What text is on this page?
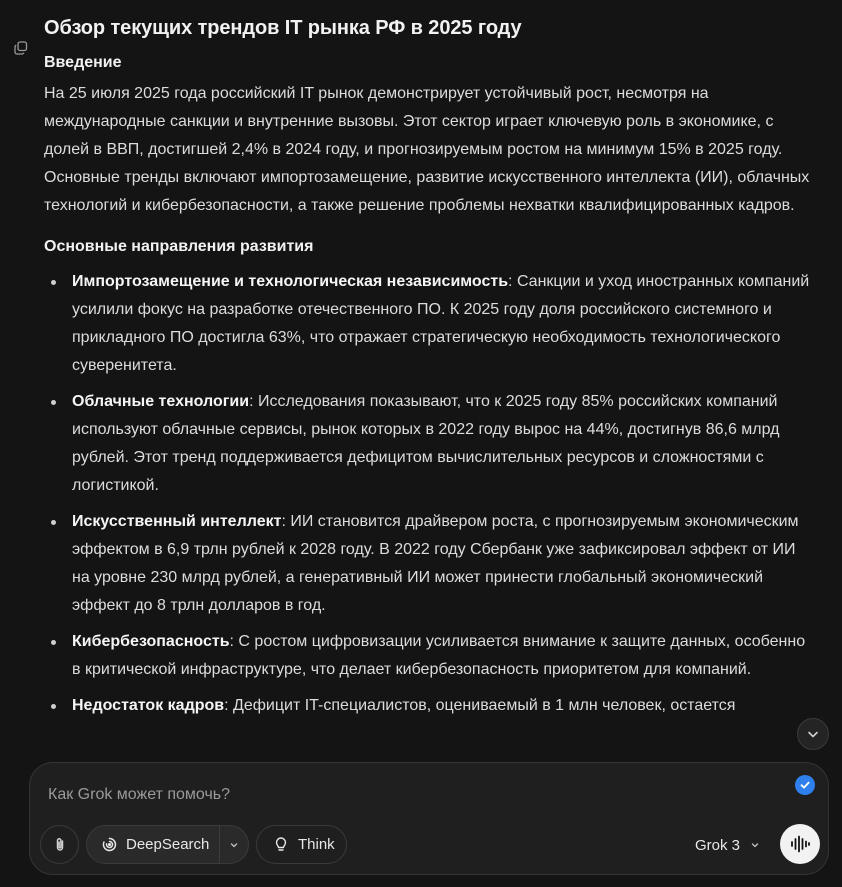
Обзор текущих трендов IT рынка РФ в 2025 году
Введение

На 25 июля 2025 года российский IT рынок демонстрирует устойчивый рост, несмотря на международные санкции и внутренние вызовы. Этот сектор играет ключевую роль в экономике, с долей в ВВП, достигшей 2,4% в 2024 году, и прогнозируемым ростом на минимум 15% в 2025 году. Основные тренды включают импортозамещение, развитие искусственного интеллекта (ИИ), облачных технологий и кибербезопасности, а также решение проблемы нехватки квалифицированных кадров.

Основные направления развития
Импортозамещение и технологическая независимость: Санкции и уход иностранных компаний усилили фокус на разработке отечественного ПО. К 2025 году доля российского системного и прикладного ПО достигла 63%, что отражает стратегическую необходимость технологического суверенитета.
Облачные технологии: Исследования показывают, что к 2025 году 85% российских компаний используют облачные сервисы, рынок которых в 2022 году вырос на 44%, достигнув 86,6 млрд рублей. Этот тренд поддерживается дефицитом вычислительных ресурсов и сложностями с логистикой.
Искусственный интеллект: ИИ становится драйвером роста, с прогнозируемым экономическим эффектом в 6,9 трлн рублей к 2028 году. В 2022 году Сбербанк уже зафиксировал эффект от ИИ на уровне 230 млрд рублей, а генеративный ИИ может принести глобальный экономический эффект до 8 трлн долларов в год.
Кибербезопасность: С ростом цифровизации усиливается внимание к защите данных, особенно в критической инфраструктуре, что делает кибербезопасность приоритетом для компаний.
Недостаток кадров: Дефицит IT-специалистов, оцениваемый в 1 млн человек, остается
Как Grok может помочь?
DeepSearch	Think	Grok 3
